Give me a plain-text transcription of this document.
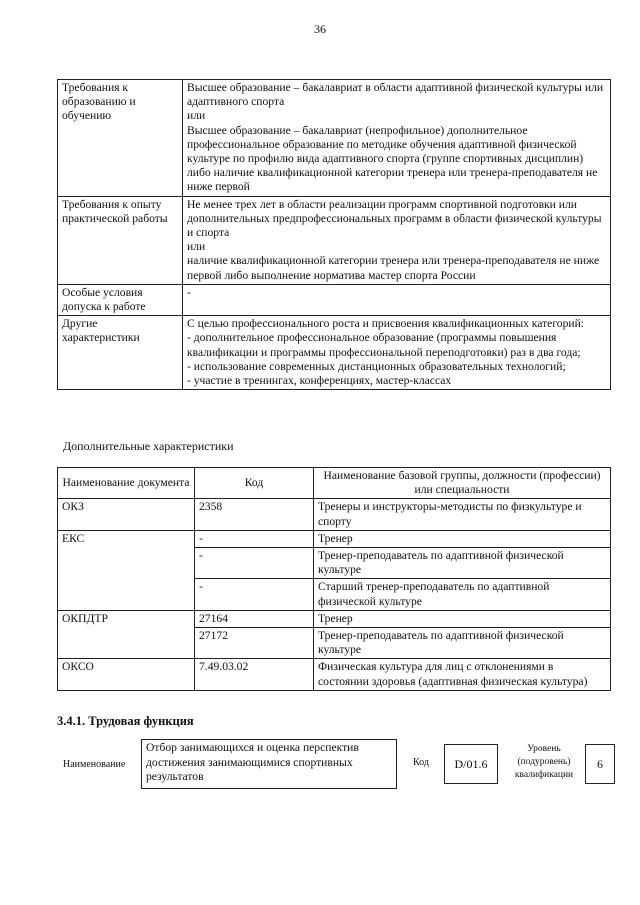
36
Требования к образованию и обучению	Высшее образование – бакалавриат в области адаптивной физической культуры или адаптивного спорта
или
Высшее образование – бакалавриат (непрофильное) дополнительное профессиональное образование по методике обучения адаптивной физической культуре по профилю вида адаптивного спорта (группе спортивных дисциплин) либо наличие квалификационной категории тренера или тренера-преподавателя не ниже первой

Требования к опыту практической работы	Не менее трех лет в области реализации программ спортивной подготовки или дополнительных предпрофессиональных программ в области физической культуры и спорта
или
наличие квалификационной категории тренера или тренера-преподавателя не ниже первой либо выполнение норматива мастер спорта России

Особые условия допуска к работе	-

Другие характеристики	С целью профессионального роста и присвоения квалификационных категорий:
- дополнительное профессиональное образование (программы повышения квалификации и программы профессиональной переподготовки) раз в два года;
- использование современных дистанционных образовательных технологий;
- участие в тренингах, конференциях, мастер-классах
Дополнительные характеристики
Наименование документа	Код	Наименование базовой группы, должности (профессии) или специальности
ОКЗ	2358	Тренеры и инструкторы-методисты по физкультуре и спорту
ЕКС	-	Тренер
	-	Тренер-преподаватель по адаптивной физической культуре
	-	Старший тренер-преподаватель по адаптивной физической культуре
ОКПДТР	27164	Тренер
	27172	Тренер-преподаватель по адаптивной физической культуре
ОКСО	7.49.03.02	Физическая культура для лиц с отклонениями в состоянии здоровья (адаптивная физическая культура)
3.4.1. Трудовая функция
Наименование
Отбор занимающихся и оценка перспектив достижения занимающимися спортивных результатов
Код	D/01.6
Уровень (подуровень) квалификации
6
